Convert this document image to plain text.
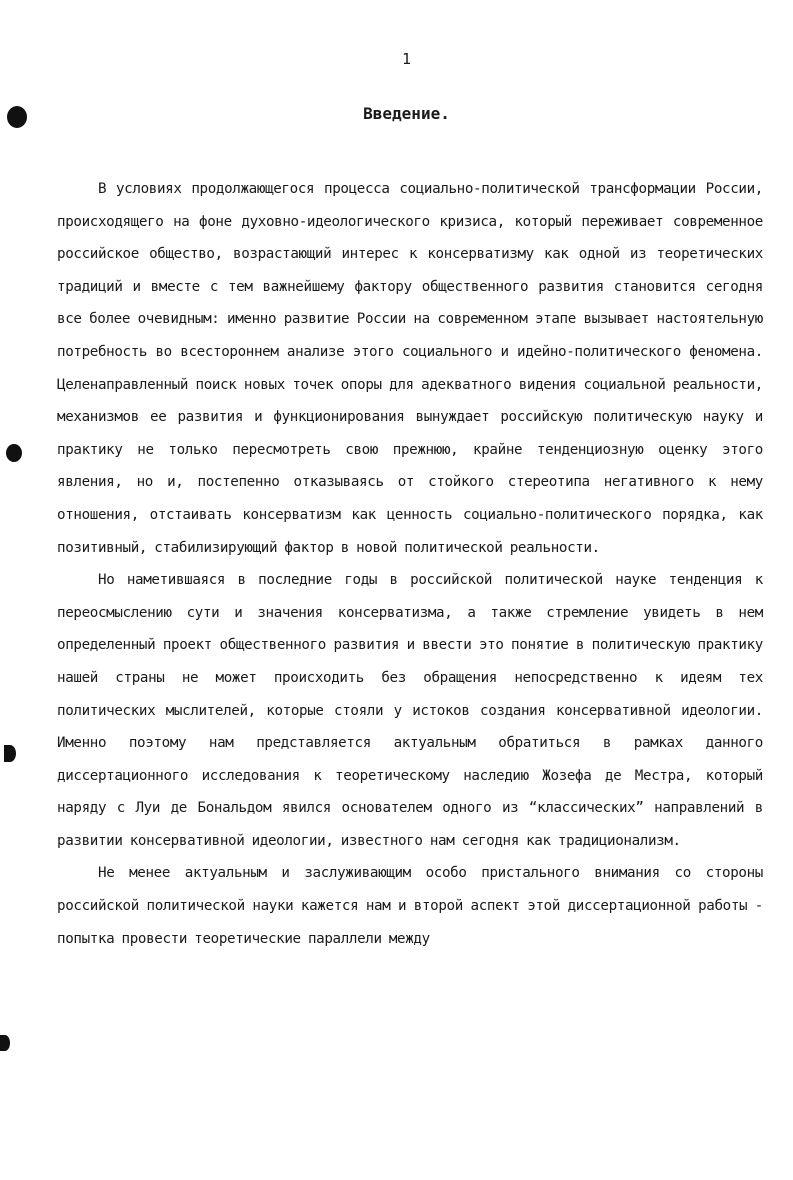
1
Введение.

В условиях продолжающегося процесса социально-политической трансформации России, происходящего на фоне духовно-идеологического кризиса, который переживает современное российское общество, возрастающий интерес к консерватизму как одной из теоретических традиций и вместе с тем важнейшему фактору общественного развития становится сегодня все более очевидным: именно развитие России на современном этапе вызывает настоятельную потребность во всестороннем анализе этого социального и идейно-политического феномена. Целенаправленный поиск новых точек опоры для адекватного видения социальной реальности, механизмов ее развития и функционирования вынуждает российскую политическую науку и практику не только пересмотреть свою прежнюю, крайне тенденциозную оценку этого явления, но и, постепенно отказываясь от стойкого стереотипа негативного к нему отношения, отстаивать консерватизм как ценность социально-политического порядка, как позитивный, стабилизирующий фактор в новой политической реальности.

Но наметившаяся в последние годы в российской политической науке тенденция к переосмыслению сути и значения консерватизма, а также стремление увидеть в нем определенный проект общественного развития и ввести это понятие в политическую практику нашей страны не может происходить без обращения непосредственно к идеям тех политических мыслителей, которые стояли у истоков создания консервативной идеологии. Именно поэтому нам представляется актуальным обратиться в рамках данного диссертационного исследования к теоретическому наследию Жозефа де Местра, который наряду с Луи де Бональдом явился основателем одного из “классических” направлений в развитии консервативной идеологии, известного нам сегодня как традиционализм.

Не менее актуальным и заслуживающим особо пристального внимания со стороны российской политической науки кажется нам и второй аспект этой диссертационной работы - попытка провести теоретические параллели между
